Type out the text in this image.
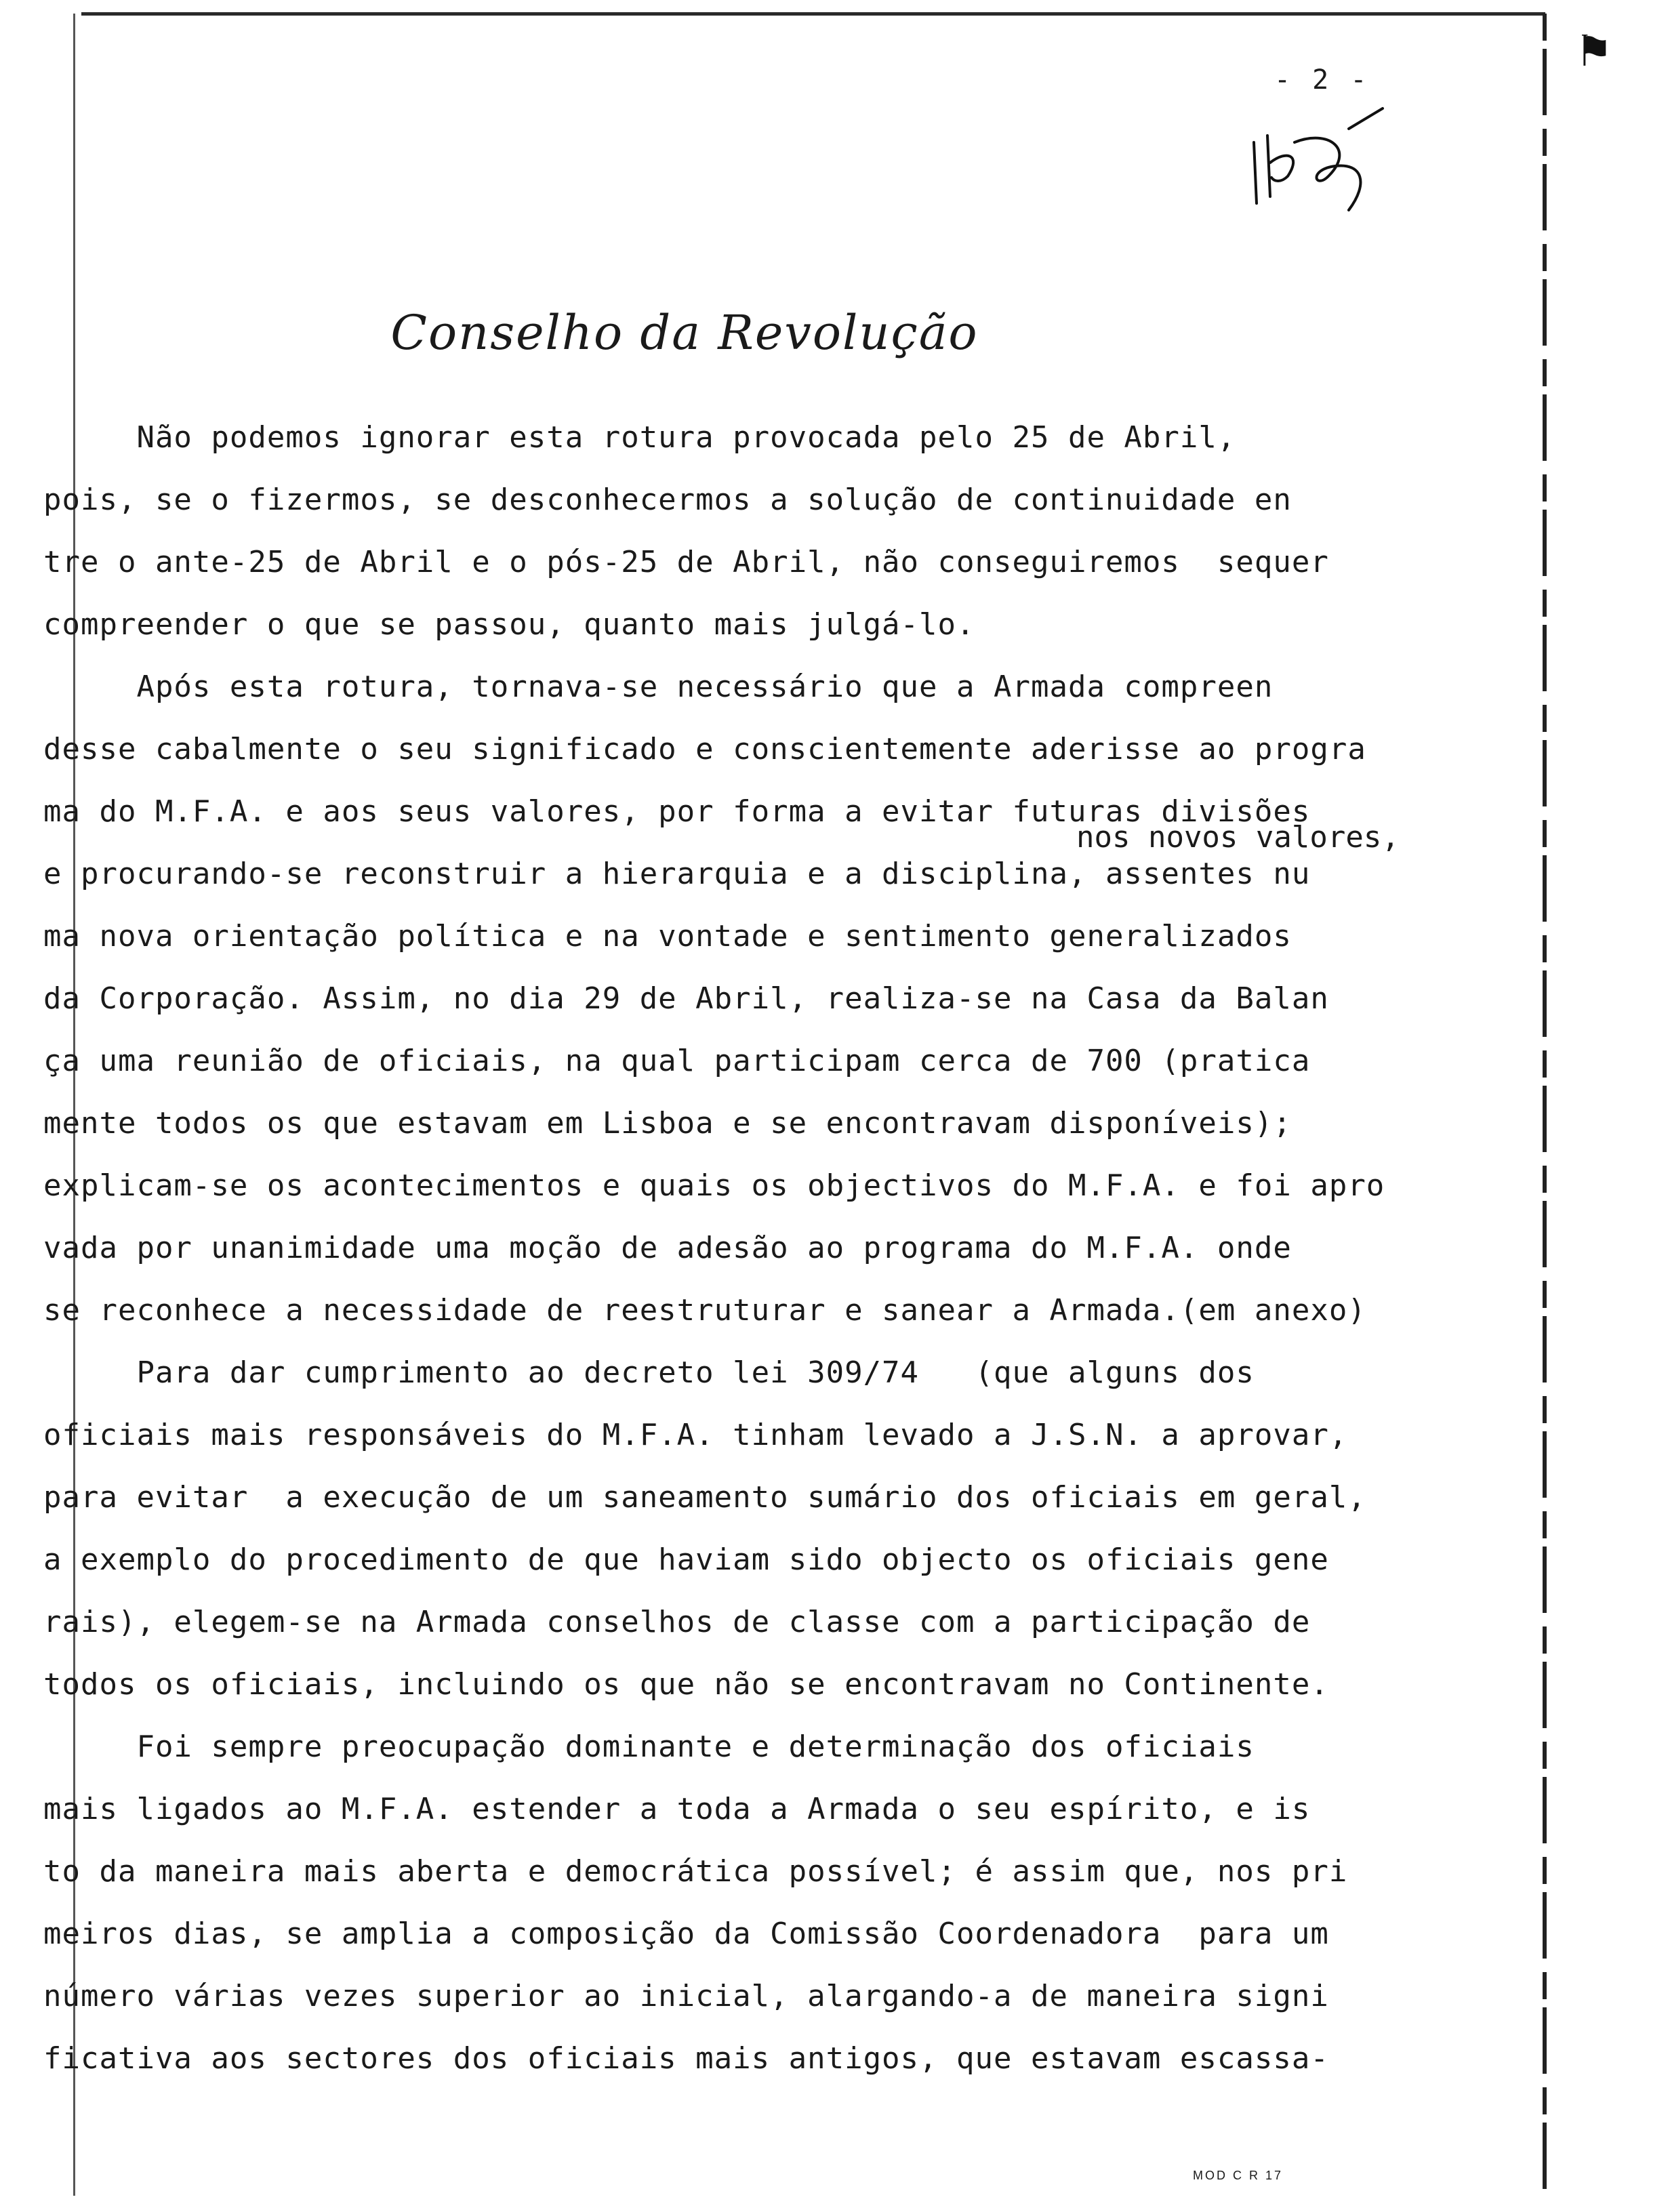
⚑
- 2 -
Conselho da Revolução
Não podemos ignorar esta rotura provocada pelo 25 de Abril,
pois, se o fizermos, se desconhecermos a solução de continuidade en
tre o ante-25 de Abril e o pós-25 de Abril, não conseguiremos  sequer
compreender o que se passou, quanto mais julgá-lo.
Após esta rotura, tornava-se necessário que a Armada compreen
desse cabalmente o seu significado e conscientemente aderisse ao progra
ma do M.F.A. e aos seus valores, por forma a evitar futuras divisões
e procurando-se reconstruir a hierarquia e a disciplina, assentes nu
ma nova orientação política e na vontade e sentimento generalizados
da Corporação. Assim, no dia 29 de Abril, realiza-se na Casa da Balan
ça uma reunião de oficiais, na qual participam cerca de 700 (pratica
mente todos os que estavam em Lisboa e se encontravam disponíveis);
explicam-se os acontecimentos e quais os objectivos do M.F.A. e foi apro
vada por unanimidade uma moção de adesão ao programa do M.F.A. onde
se reconhece a necessidade de reestruturar e sanear a Armada.(em anexo)
Para dar cumprimento ao decreto lei 309/74   (que alguns dos
oficiais mais responsáveis do M.F.A. tinham levado a J.S.N. a aprovar,
para evitar  a execução de um saneamento sumário dos oficiais em geral,
a exemplo do procedimento de que haviam sido objecto os oficiais gene
rais), elegem-se na Armada conselhos de classe com a participação de
todos os oficiais, incluindo os que não se encontravam no Continente.
Foi sempre preocupação dominante e determinação dos oficiais
mais ligados ao M.F.A. estender a toda a Armada o seu espírito, e is
to da maneira mais aberta e democrática possível; é assim que, nos pri
meiros dias, se amplia a composição da Comissão Coordenadora  para um
número várias vezes superior ao inicial, alargando-a de maneira signi
ficativa aos sectores dos oficiais mais antigos, que estavam escassa-
nos novos valores,
MOD C R 17
